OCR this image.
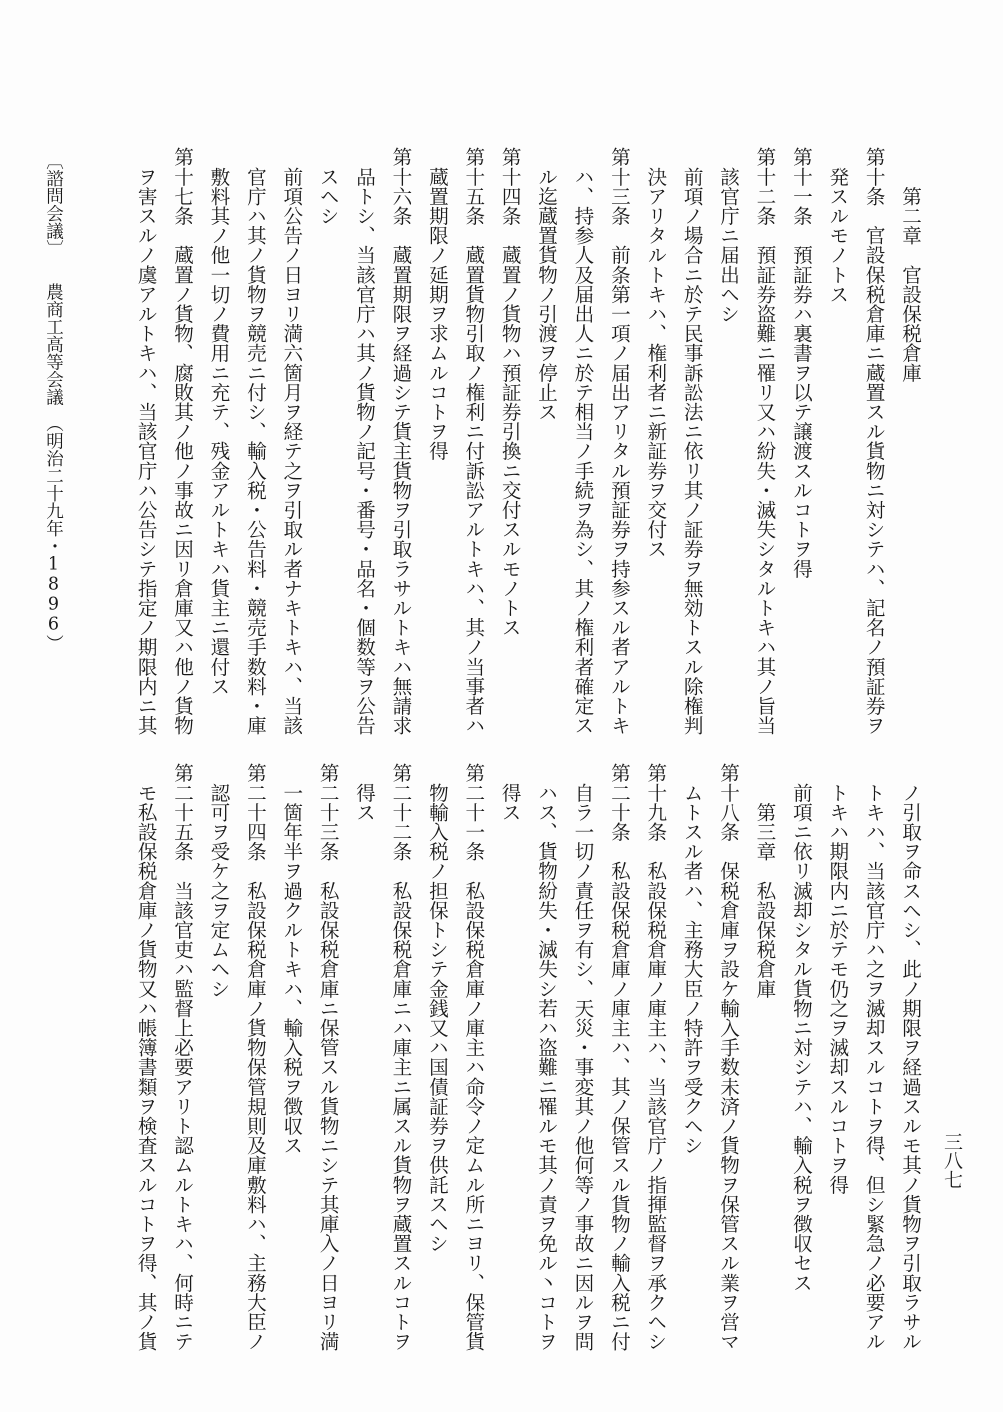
　　第二章　官設保税倉庫
第十条　官設保税倉庫ニ蔵置スル貨物ニ対シテハ、記名ノ預証券ヲ
　発スルモノトス
第十一条　預証券ハ裏書ヲ以テ譲渡スルコトヲ得
第十二条　預証券盗難ニ罹リ又ハ紛失・滅失シタルトキハ其ノ旨当
　該官庁ニ届出ヘシ
　前項ノ場合ニ於テ民事訴訟法ニ依リ其ノ証券ヲ無効トスル除権判
　決アリタルトキハ、権利者ニ新証券ヲ交付ス
第十三条　前条第一項ノ届出アリタル預証券ヲ持参スル者アルトキ
　ハ、持参人及届出人ニ於テ相当ノ手続ヲ為シ、其ノ権利者確定ス
　ル迄蔵置貨物ノ引渡ヲ停止ス
第十四条　蔵置ノ貨物ハ預証券引換ニ交付スルモノトス
第十五条　蔵置貨物引取ノ権利ニ付訴訟アルトキハ、其ノ当事者ハ
　蔵置期限ノ延期ヲ求ムルコトヲ得
第十六条　蔵置期限ヲ経過シテ貨主貨物ヲ引取ラサルトキハ無請求
　品トシ、当該官庁ハ其ノ貨物ノ記号・番号・品名・個数等ヲ公告
　スヘシ
　前項公告ノ日ヨリ満六箇月ヲ経テ之ヲ引取ル者ナキトキハ、当該
　官庁ハ其ノ貨物ヲ競売ニ付シ、輸入税・公告料・競売手数料・庫
　敷料其ノ他一切ノ費用ニ充テ、残金アルトキハ貨主ニ還付ス
第十七条　蔵置ノ貨物、腐敗其ノ他ノ事故ニ因リ倉庫又ハ他ノ貨物
　ヲ害スルノ虞アルトキハ、当該官庁ハ公告シテ指定ノ期限内ニ其
　ノ引取ヲ命スヘシ、此ノ期限ヲ経過スルモ其ノ貨物ヲ引取ラサル
　トキハ、当該官庁ハ之ヲ滅却スルコトヲ得、但シ緊急ノ必要アル
　トキハ期限内ニ於テモ仍之ヲ滅却スルコトヲ得
　前項ニ依リ滅却シタル貨物ニ対シテハ、輸入税ヲ徴収セス
　　第三章　私設保税倉庫
第十八条　保税倉庫ヲ設ケ輸入手数未済ノ貨物ヲ保管スル業ヲ営マ
　ムトスル者ハ、主務大臣ノ特許ヲ受クヘシ
第十九条　私設保税倉庫ノ庫主ハ、当該官庁ノ指揮監督ヲ承クヘシ
第二十条　私設保税倉庫ノ庫主ハ、其ノ保管スル貨物ノ輸入税ニ付
　自ラ一切ノ責任ヲ有シ、天災・事変其ノ他何等ノ事故ニ因ルヲ問
　ハス、貨物紛失・滅失シ若ハ盗難ニ罹ルモ其ノ責ヲ免ル丶コトヲ
　得ス
第二十一条　私設保税倉庫ノ庫主ハ命令ノ定ムル所ニヨリ、保管貨
　物輸入税ノ担保トシテ金銭又ハ国債証券ヲ供託スヘシ
第二十二条　私設保税倉庫ニハ庫主ニ属スル貨物ヲ蔵置スルコトヲ
　得ス
第二十三条　私設保税倉庫ニ保管スル貨物ニシテ其庫入ノ日ヨリ満
　一箇年半ヲ過クルトキハ、輸入税ヲ徴収ス
第二十四条　私設保税倉庫ノ貨物保管規則及庫敷料ハ、主務大臣ノ
　認可ヲ受ケ之ヲ定ムヘシ
第二十五条　当該官吏ハ監督上必要アリト認ムルトキハ、何時ニテ
　モ私設保税倉庫ノ貨物又ハ帳簿書類ヲ検査スルコトヲ得、其ノ貨
〔諮問会議〕　　農商工高等会議　（明治二十九年・1896）
三八七
